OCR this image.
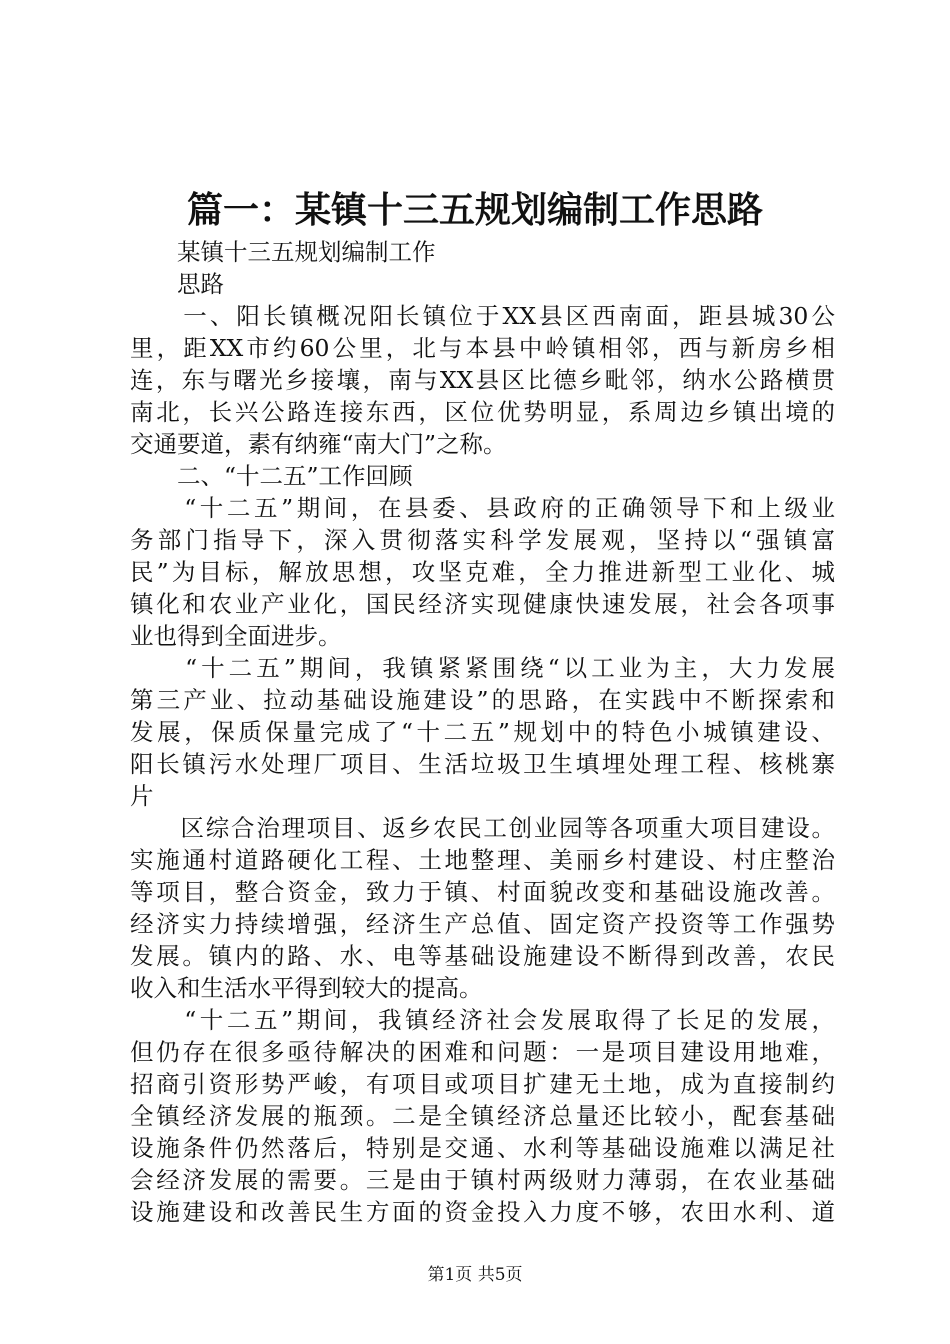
篇一：某镇十三五规划编制工作思路
　　某镇十三五规划编制工作
　　思路
　　一、阳长镇概况阳长镇位于XX县区西南面，距县城30公
里，距XX市约60公里，北与本县中岭镇相邻，西与新房乡相
连，东与曙光乡接壤，南与XX县区比德乡毗邻，纳水公路横贯
南北，长兴公路连接东西，区位优势明显，系周边乡镇出境的
交通要道，素有纳雍“南大门”之称。
　　二、“十二五”工作回顾
　　“十二五”期间，在县委、县政府的正确领导下和上级业
务部门指导下，深入贯彻落实科学发展观，坚持以“强镇富
民”为目标，解放思想，攻坚克难，全力推进新型工业化、城
镇化和农业产业化，国民经济实现健康快速发展，社会各项事
业也得到全面进步。
　　“十二五”期间，我镇紧紧围绕“以工业为主，大力发展
第三产业、拉动基础设施建设”的思路，在实践中不断探索和
发展，保质保量完成了“十二五”规划中的特色小城镇建设、
阳长镇污水处理厂项目、生活垃圾卫生填埋处理工程、核桃寨
片
　　区综合治理项目、返乡农民工创业园等各项重大项目建设。
实施通村道路硬化工程、土地整理、美丽乡村建设、村庄整治
等项目，整合资金，致力于镇、村面貌改变和基础设施改善。
经济实力持续增强，经济生产总值、固定资产投资等工作强势
发展。镇内的路、水、电等基础设施建设不断得到改善，农民
收入和生活水平得到较大的提高。
　　“十二五”期间，我镇经济社会发展取得了长足的发展，
但仍存在很多亟待解决的困难和问题：一是项目建设用地难，
招商引资形势严峻，有项目或项目扩建无土地，成为直接制约
全镇经济发展的瓶颈。二是全镇经济总量还比较小，配套基础
设施条件仍然落后，特别是交通、水利等基础设施难以满足社
会经济发展的需要。三是由于镇村两级财力薄弱，在农业基础
设施建设和改善民生方面的资金投入力度不够，农田水利、道
第1页 共5页
